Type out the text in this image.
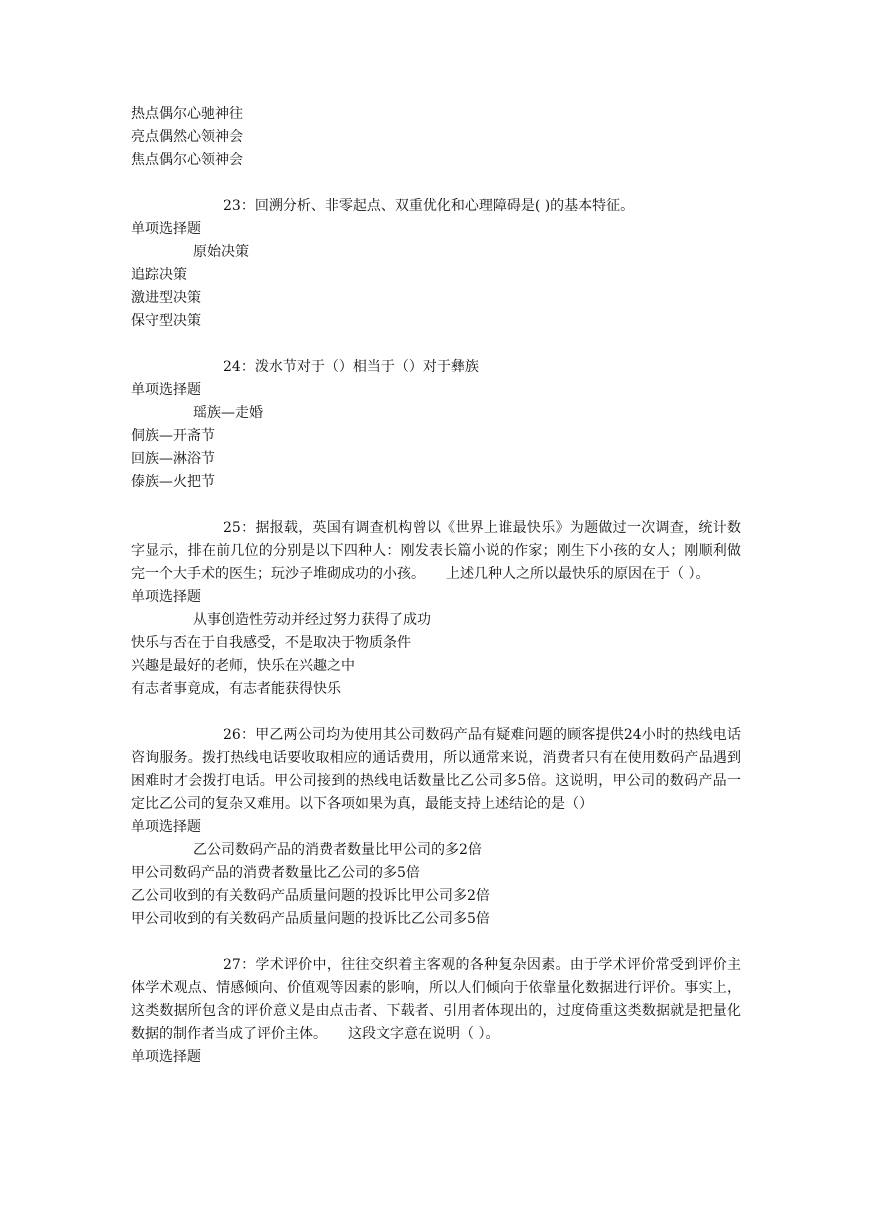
热点偶尔心驰神往
亮点偶然心领神会
焦点偶尔心领神会
23：回溯分析、非零起点、双重优化和心理障碍是( )的基本特征。
单项选择题
原始决策
追踪决策
激进型决策
保守型决策
24：泼水节对于（）相当于（）对于彝族
单项选择题
瑶族—走婚
侗族—开斋节
回族—淋浴节
傣族—火把节
25：据报载，英国有调查机构曾以《世界上谁最快乐》为题做过一次调查，统计数字显示，排在前几位的分别是以下四种人：刚发表长篇小说的作家；刚生下小孩的女人；刚顺利做完一个大手术的医生；玩沙子堆砌成功的小孩。　　上述几种人之所以最快乐的原因在于（ ）。
单项选择题
从事创造性劳动并经过努力获得了成功
快乐与否在于自我感受，不是取决于物质条件
兴趣是最好的老师，快乐在兴趣之中
有志者事竟成，有志者能获得快乐
26：甲乙两公司均为使用其公司数码产品有疑难问题的顾客提供24小时的热线电话咨询服务。拨打热线电话要收取相应的通话费用，所以通常来说，消费者只有在使用数码产品遇到困难时才会拨打电话。甲公司接到的热线电话数量比乙公司多5倍。这说明，甲公司的数码产品一定比乙公司的复杂又难用。以下各项如果为真，最能支持上述结论的是（）
单项选择题
乙公司数码产品的消费者数量比甲公司的多2倍
甲公司数码产品的消费者数量比乙公司的多5倍
乙公司收到的有关数码产品质量问题的投诉比甲公司多2倍
甲公司收到的有关数码产品质量问题的投诉比乙公司多5倍
27：学术评价中，往往交织着主客观的各种复杂因素。由于学术评价常受到评价主体学术观点、情感倾向、价值观等因素的影响，所以人们倾向于依靠量化数据进行评价。事实上，这类数据所包含的评价意义是由点击者、下载者、引用者体现出的，过度倚重这类数据就是把量化数据的制作者当成了评价主体。　　这段文字意在说明（ ）。
单项选择题
